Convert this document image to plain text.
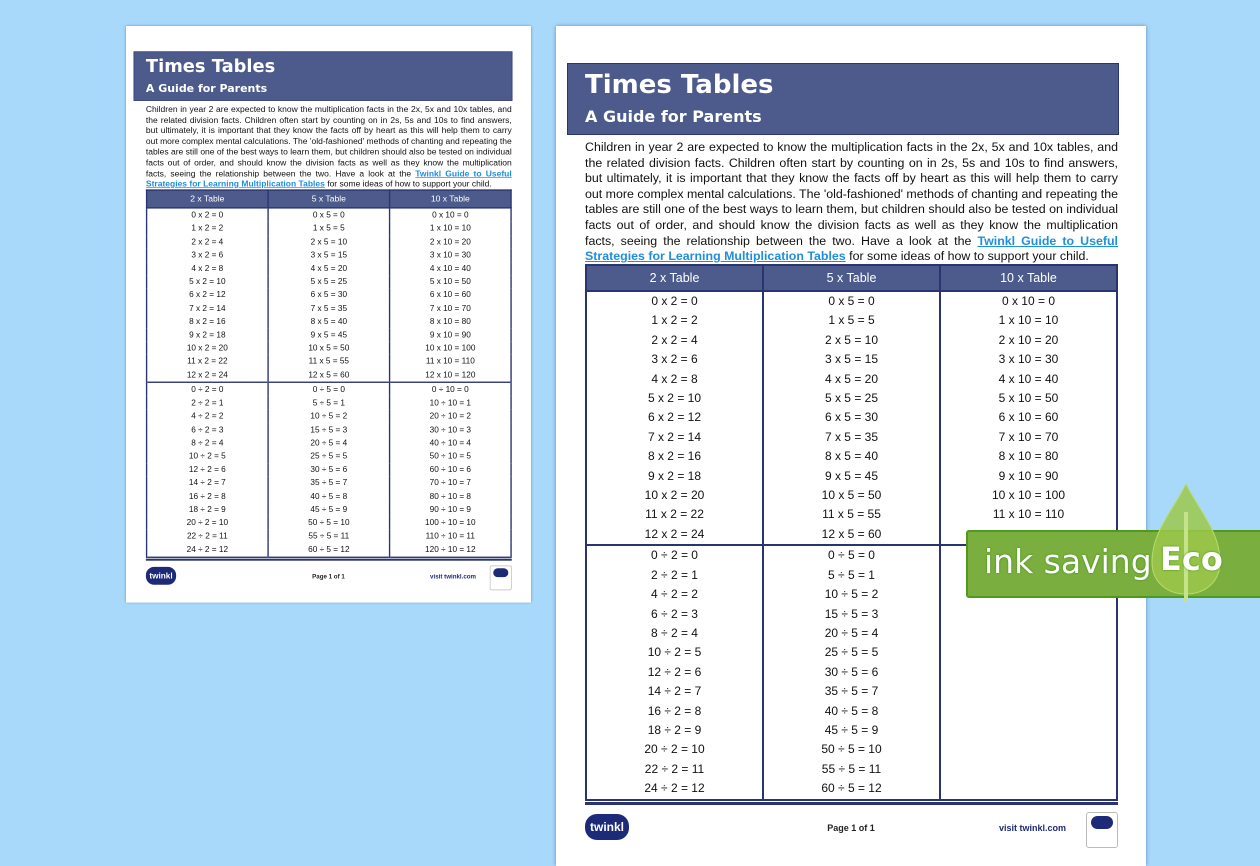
Times Tables
A Guide for Parents
Children in year 2 are expected to know the multiplication facts in the 2x, 5x and 10x tables, and the related division facts. Children often start by counting on in 2s, 5s and 10s to find answers, but ultimately, it is important that they know the facts off by heart as this will help them to carry out more complex mental calculations. The 'old-fashioned' methods of chanting and repeating the tables are still one of the best ways to learn them, but children should also be tested on individual facts out of order, and should know the division facts as well as they know the multiplication facts, seeing the relationship between the two. Have a look at the Twinkl Guide to Useful Strategies for Learning Multiplication Tables for some ideas of how to support your child.
2 x Table	5 x Table	10 x Table
0 x 2 = 0	0 x 5 = 0	0 x 10 = 0
1 x 2 = 2	1 x 5 = 5	1 x 10 = 10
2 x 2 = 4	2 x 5 = 10	2 x 10 = 20
3 x 2 = 6	3 x 5 = 15	3 x 10 = 30
4 x 2 = 8	4 x 5 = 20	4 x 10 = 40
5 x 2 = 10	5 x 5 = 25	5 x 10 = 50
6 x 2 = 12	6 x 5 = 30	6 x 10 = 60
7 x 2 = 14	7 x 5 = 35	7 x 10 = 70
8 x 2 = 16	8 x 5 = 40	8 x 10 = 80
9 x 2 = 18	9 x 5 = 45	9 x 10 = 90
10 x 2 = 20	10 x 5 = 50	10 x 10 = 100
11 x 2 = 22	11 x 5 = 55	11 x 10 = 110
12 x 2 = 24	12 x 5 = 60	12 x 10 = 120
0 ÷ 2 = 0	0 ÷ 5 = 0	0 ÷ 10 = 0
2 ÷ 2 = 1	5 ÷ 5 = 1	10 ÷ 10 = 1
4 ÷ 2 = 2	10 ÷ 5 = 2	20 ÷ 10 = 2
6 ÷ 2 = 3	15 ÷ 5 = 3	30 ÷ 10 = 3
8 ÷ 2 = 4	20 ÷ 5 = 4	40 ÷ 10 = 4
10 ÷ 2 = 5	25 ÷ 5 = 5	50 ÷ 10 = 5
12 ÷ 2 = 6	30 ÷ 5 = 6	60 ÷ 10 = 6
14 ÷ 2 = 7	35 ÷ 5 = 7	70 ÷ 10 = 7
16 ÷ 2 = 8	40 ÷ 5 = 8	80 ÷ 10 = 8
18 ÷ 2 = 9	45 ÷ 5 = 9	90 ÷ 10 = 9
20 ÷ 2 = 10	50 ÷ 5 = 10	100 ÷ 10 = 10
22 ÷ 2 = 11	55 ÷ 5 = 11	110 ÷ 10 = 11
24 ÷ 2 = 12	60 ÷ 5 = 12	120 ÷ 10 = 12
twinkl	Page 1 of 1	visit twinkl.com
Times Tables
A Guide for Parents
Children in year 2 are expected to know the multiplication facts in the 2x, 5x and 10x tables, and the related division facts. Children often start by counting on in 2s, 5s and 10s to find answers, but ultimately, it is important that they know the facts off by heart as this will help them to carry out more complex mental calculations. The 'old-fashioned' methods of chanting and repeating the tables are still one of the best ways to learn them, but children should also be tested on individual facts out of order, and should know the division facts as well as they know the multiplication facts, seeing the relationship between the two. Have a look at the Twinkl Guide to Useful Strategies for Learning Multiplication Tables for some ideas of how to support your child.
2 x Table	5 x Table	10 x Table
0 x 2 = 0	0 x 5 = 0	0 x 10 = 0
1 x 2 = 2	1 x 5 = 5	1 x 10 = 10
2 x 2 = 4	2 x 5 = 10	2 x 10 = 20
3 x 2 = 6	3 x 5 = 15	3 x 10 = 30
4 x 2 = 8	4 x 5 = 20	4 x 10 = 40
5 x 2 = 10	5 x 5 = 25	5 x 10 = 50
6 x 2 = 12	6 x 5 = 30	6 x 10 = 60
7 x 2 = 14	7 x 5 = 35	7 x 10 = 70
8 x 2 = 16	8 x 5 = 40	8 x 10 = 80
9 x 2 = 18	9 x 5 = 45	9 x 10 = 90
10 x 2 = 20	10 x 5 = 50	10 x 10 = 100
11 x 2 = 22	11 x 5 = 55	11 x 10 = 110
12 x 2 = 24	12 x 5 = 60	
0 ÷ 2 = 0	0 ÷ 5 = 0	
2 ÷ 2 = 1	5 ÷ 5 = 1	
4 ÷ 2 = 2	10 ÷ 5 = 2	
6 ÷ 2 = 3	15 ÷ 5 = 3	
8 ÷ 2 = 4	20 ÷ 5 = 4	
10 ÷ 2 = 5	25 ÷ 5 = 5	
12 ÷ 2 = 6	30 ÷ 5 = 6	
14 ÷ 2 = 7	35 ÷ 5 = 7	
16 ÷ 2 = 8	40 ÷ 5 = 8	
18 ÷ 2 = 9	45 ÷ 5 = 9	
20 ÷ 2 = 10	50 ÷ 5 = 10	
22 ÷ 2 = 11	55 ÷ 5 = 11	
24 ÷ 2 = 12	60 ÷ 5 = 12	
twinkl	Page 1 of 1	visit twinkl.com
ink saving Eco
